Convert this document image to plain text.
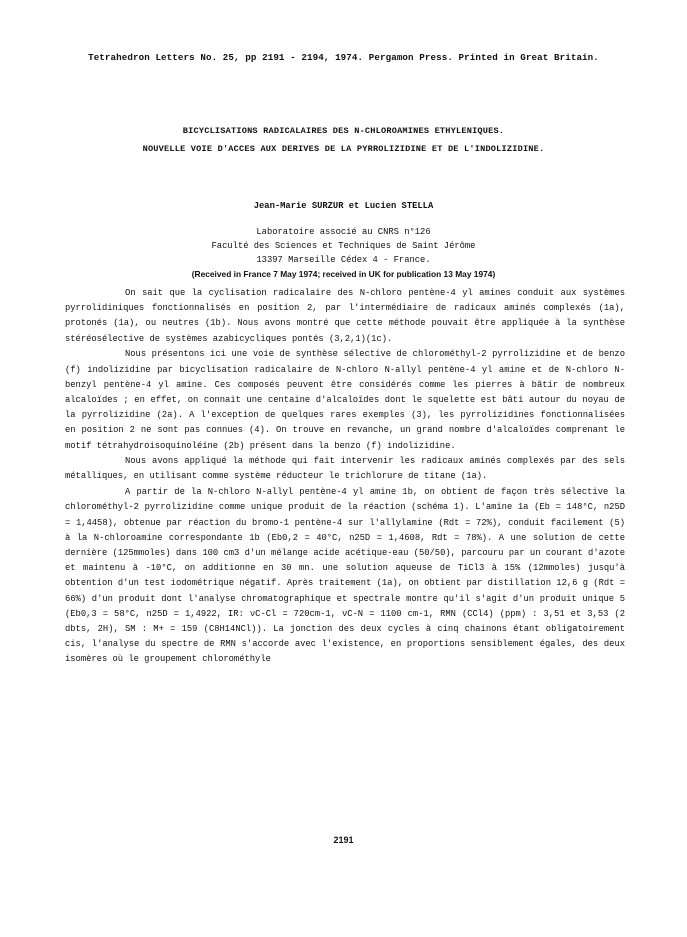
Tetrahedron Letters No. 25, pp 2191 - 2194, 1974. Pergamon Press. Printed in Great Britain.
BICYCLISATIONS RADICALAIRES DES N-CHLOROAMINES ETHYLENIQUES.
NOUVELLE VOIE D'ACCES AUX DERIVES DE LA PYRROLIZIDINE ET DE L'INDOLIZIDINE.
Jean-Marie SURZUR et Lucien STELLA
Laboratoire associé au CNRS n°126
Faculté des Sciences et Techniques de Saint Jérôme
13397 Marseille Cédex 4 - France.
(Received in France 7 May 1974; received in UK for publication 13 May 1974)

On sait que la cyclisation radicalaire des N-chloro pentène-4 yl amines conduit aux systèmes pyrrolidiniques fonctionnalisés en position 2, par l'intermédiaire de radicaux aminés complexés (1a), protonés (1a), ou neutres (1b). Nous avons montré que cette méthode pouvait être appliquée à la synthèse stéréosélective de systèmes azabicycliques pontés (3,2,1)(1c).

Nous présentons ici une voie de synthèse sélective de chlorométhyl-2 pyrrolizidine et de benzo (f) indolizidine par bicyclisation radicalaire de N-chloro N-allyl pentène-4 yl amine et de N-chloro N-benzyl pentène-4 yl amine. Ces composés peuvent être considérés comme les pierres à bâtir de nombreux alcaloïdes ; en effet, on connait une centaine d'alcaloïdes dont le squelette est bâti autour du noyau de la pyrrolizidine (2a). A l'exception de quelques rares exemples (3), les pyrrolizidines fonctionnalisées en position 2 ne sont pas connues (4). On trouve en revanche, un grand nombre d'alcaloïdes comprenant le motif tétrahydroisoquinoléine (2b) présent dans la benzo (f) indolizidine.

Nous avons appliqué la méthode qui fait intervenir les radicaux aminés complexés par des sels métalliques, en utilisant comme système réducteur le trichlorure de titane (1a).

A partir de la N-chloro N-allyl pentène-4 yl amine 1b, on obtient de façon très sélective la chlorométhyl-2 pyrrolizidine comme unique produit de la réaction (schéma 1). L'amine 1a (Eb = 148°C, n25D = 1,4458), obtenue par réaction du bromo-1 pentène-4 sur l'allylamine (Rdt = 72%), conduit facilement (5) à la N-chloroamine correspondante 1b (Eb0,2 = 40°C, n25D = 1,4608, Rdt = 78%). A une solution de cette dernière (125mmoles) dans 100 cm3 d'un mélange acide acétique-eau (50/50), parcouru par un courant d'azote et maintenu à -10°C, on additionne en 30 mn. une solution aqueuse de TiCl3 à 15% (12mmoles) jusqu'à obtention d'un test iodométrique négatif. Après traitement (1a), on obtient par distillation 12,6 g (Rdt = 66%) d'un produit dont l'analyse chromatographique et spectrale montre qu'il s'agit d'un produit unique 5 (Eb0,3 = 58°C, n25D = 1,4922, IR: νC-Cl = 720cm-1, νC-N = 1100 cm-1, RMN (CCl4) (ppm) : 3,51 et 3,53 (2 dbts, 2H), SM : M+ = 159 (C8H14NCl)). La jonction des deux cycles à cinq chainons étant obligatoirement cis, l'analyse du spectre de RMN s'accorde avec l'existence, en proportions sensiblement égales, des deux isomères où le groupement chlorométhyle

2191
